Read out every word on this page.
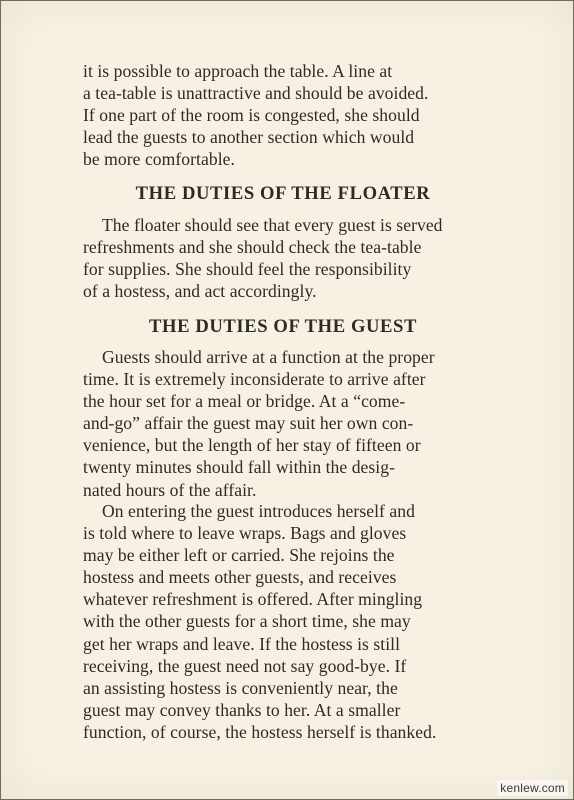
it is possible to approach the table. A line at

a tea-table is unattractive and should be avoided.

If one part of the room is congested, she should

lead the guests to another section which would

be more comfortable.

THE DUTIES OF THE FLOATER

The floater should see that every guest is served

refreshments and she should check the tea-table

for supplies. She should feel the responsibility

of a hostess, and act accordingly.

THE DUTIES OF THE GUEST

Guests should arrive at a function at the proper

time. It is extremely inconsiderate to arrive after

the hour set for a meal or bridge. At a “come-

and-go” affair the guest may suit her own con-

venience, but the length of her stay of fifteen or

twenty minutes should fall within the desig-

nated hours of the affair.

On entering the guest introduces herself and

is told where to leave wraps. Bags and gloves

may be either left or carried. She rejoins the

hostess and meets other guests, and receives

whatever refreshment is offered. After mingling

with the other guests for a short time, she may

get her wraps and leave. If the hostess is still

receiving, the guest need not say good-bye. If

an assisting hostess is conveniently near, the

guest may convey thanks to her. At a smaller

function, of course, the hostess herself is thanked.

kenlew.com
